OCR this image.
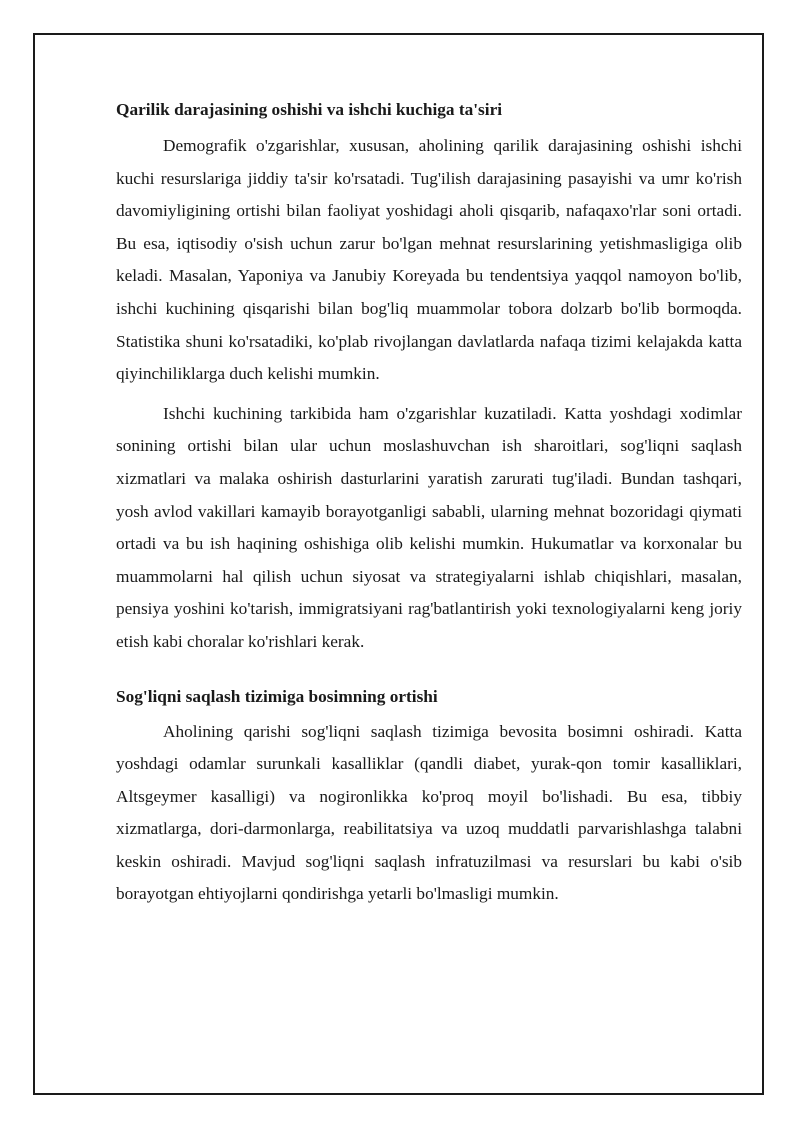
Qarilik darajasining oshishi va ishchi kuchiga ta'siri

Demografik o'zgarishlar, xususan, aholining qarilik darajasining oshishi ishchi kuchi resurslariga jiddiy ta'sir ko'rsatadi. Tug'ilish darajasining pasayishi va umr ko'rish davomiyligining ortishi bilan faoliyat yoshidagi aholi qisqarib, nafaqaxo'rlar soni ortadi. Bu esa, iqtisodiy o'sish uchun zarur bo'lgan mehnat resurslarining yetishmasligiga olib keladi. Masalan, Yaponiya va Janubiy Koreyada bu tendentsiya yaqqol namoyon bo'lib, ishchi kuchining qisqarishi bilan bog'liq muammolar tobora dolzarb bo'lib bormoqda. Statistika shuni ko'rsatadiki, ko'plab rivojlangan davlatlarda nafaqa tizimi kelajakda katta qiyinchiliklarga duch kelishi mumkin.

Ishchi kuchining tarkibida ham o'zgarishlar kuzatiladi. Katta yoshdagi xodimlar sonining ortishi bilan ular uchun moslashuvchan ish sharoitlari, sog'liqni saqlash xizmatlari va malaka oshirish dasturlarini yaratish zarurati tug'iladi. Bundan tashqari, yosh avlod vakillari kamayib borayotganligi sababli, ularning mehnat bozoridagi qiymati ortadi va bu ish haqining oshishiga olib kelishi mumkin. Hukumatlar va korxonalar bu muammolarni hal qilish uchun siyosat va strategiyalarni ishlab chiqishlari, masalan, pensiya yoshini ko'tarish, immigratsiyani rag'batlantirish yoki texnologiyalarni keng joriy etish kabi choralar ko'rishlari kerak.

Sog'liqni saqlash tizimiga bosimning ortishi

Aholining qarishi sog'liqni saqlash tizimiga bevosita bosimni oshiradi. Katta yoshdagi odamlar surunkali kasalliklar (qandli diabet, yurak-qon tomir kasalliklari, Altsgeymer kasalligi) va nogironlikka ko'proq moyil bo'lishadi. Bu esa, tibbiy xizmatlarga, dori-darmonlarga, reabilitatsiya va uzoq muddatli parvarishlashga talabni keskin oshiradi. Mavjud sog'liqni saqlash infratuzilmasi va resurslari bu kabi o'sib borayotgan ehtiyojlarni qondirishga yetarli bo'lmasligi mumkin.
